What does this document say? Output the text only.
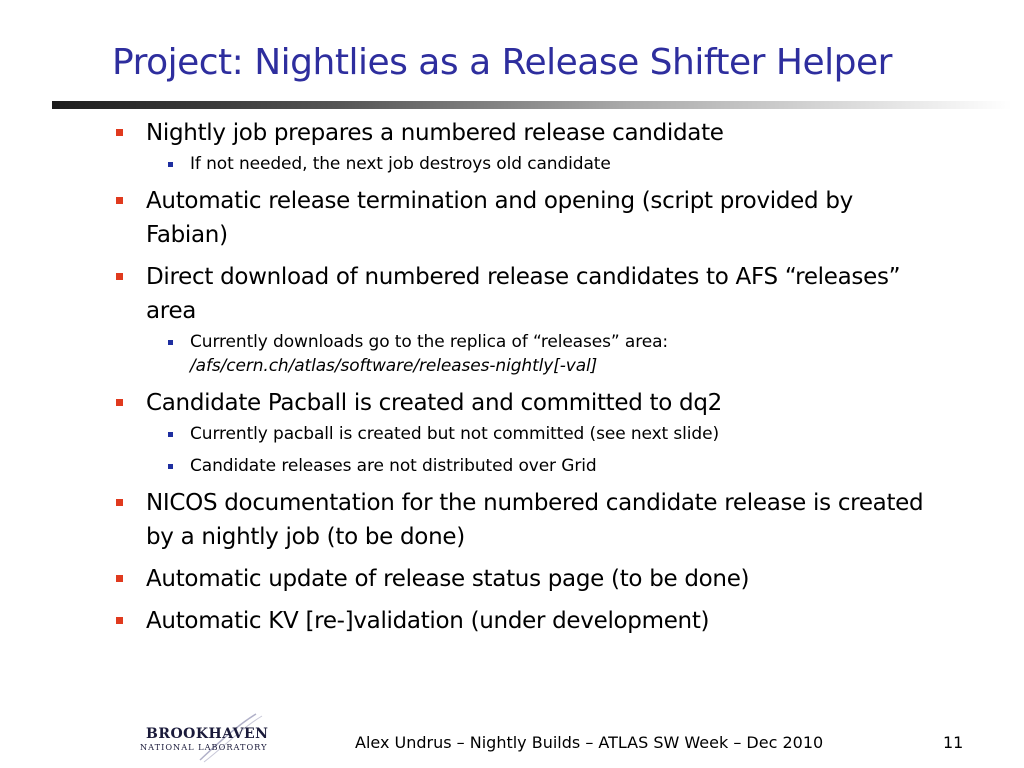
Project: Nightlies as a Release Shifter Helper
Nightly job prepares a numbered release candidate
If not needed, the next job destroys old candidate
Automatic release termination and opening (script provided by Fabian)
Direct download of numbered release candidates to AFS “releases” area
Currently downloads go to the replica of “releases” area:
/afs/cern.ch/atlas/software/releases-nightly[-val]
Candidate Pacball is created and committed to dq2
Currently pacball is created but not committed (see next slide)
Candidate releases are not distributed over Grid
NICOS documentation for the numbered candidate release is created by a nightly job (to be done)
Automatic update of release status page (to be done)
Automatic KV [re-]validation (under development)
BROOKHAVEN
NATIONAL LABORATORY	Alex Undrus – Nightly Builds – ATLAS SW Week – Dec 2010	11
